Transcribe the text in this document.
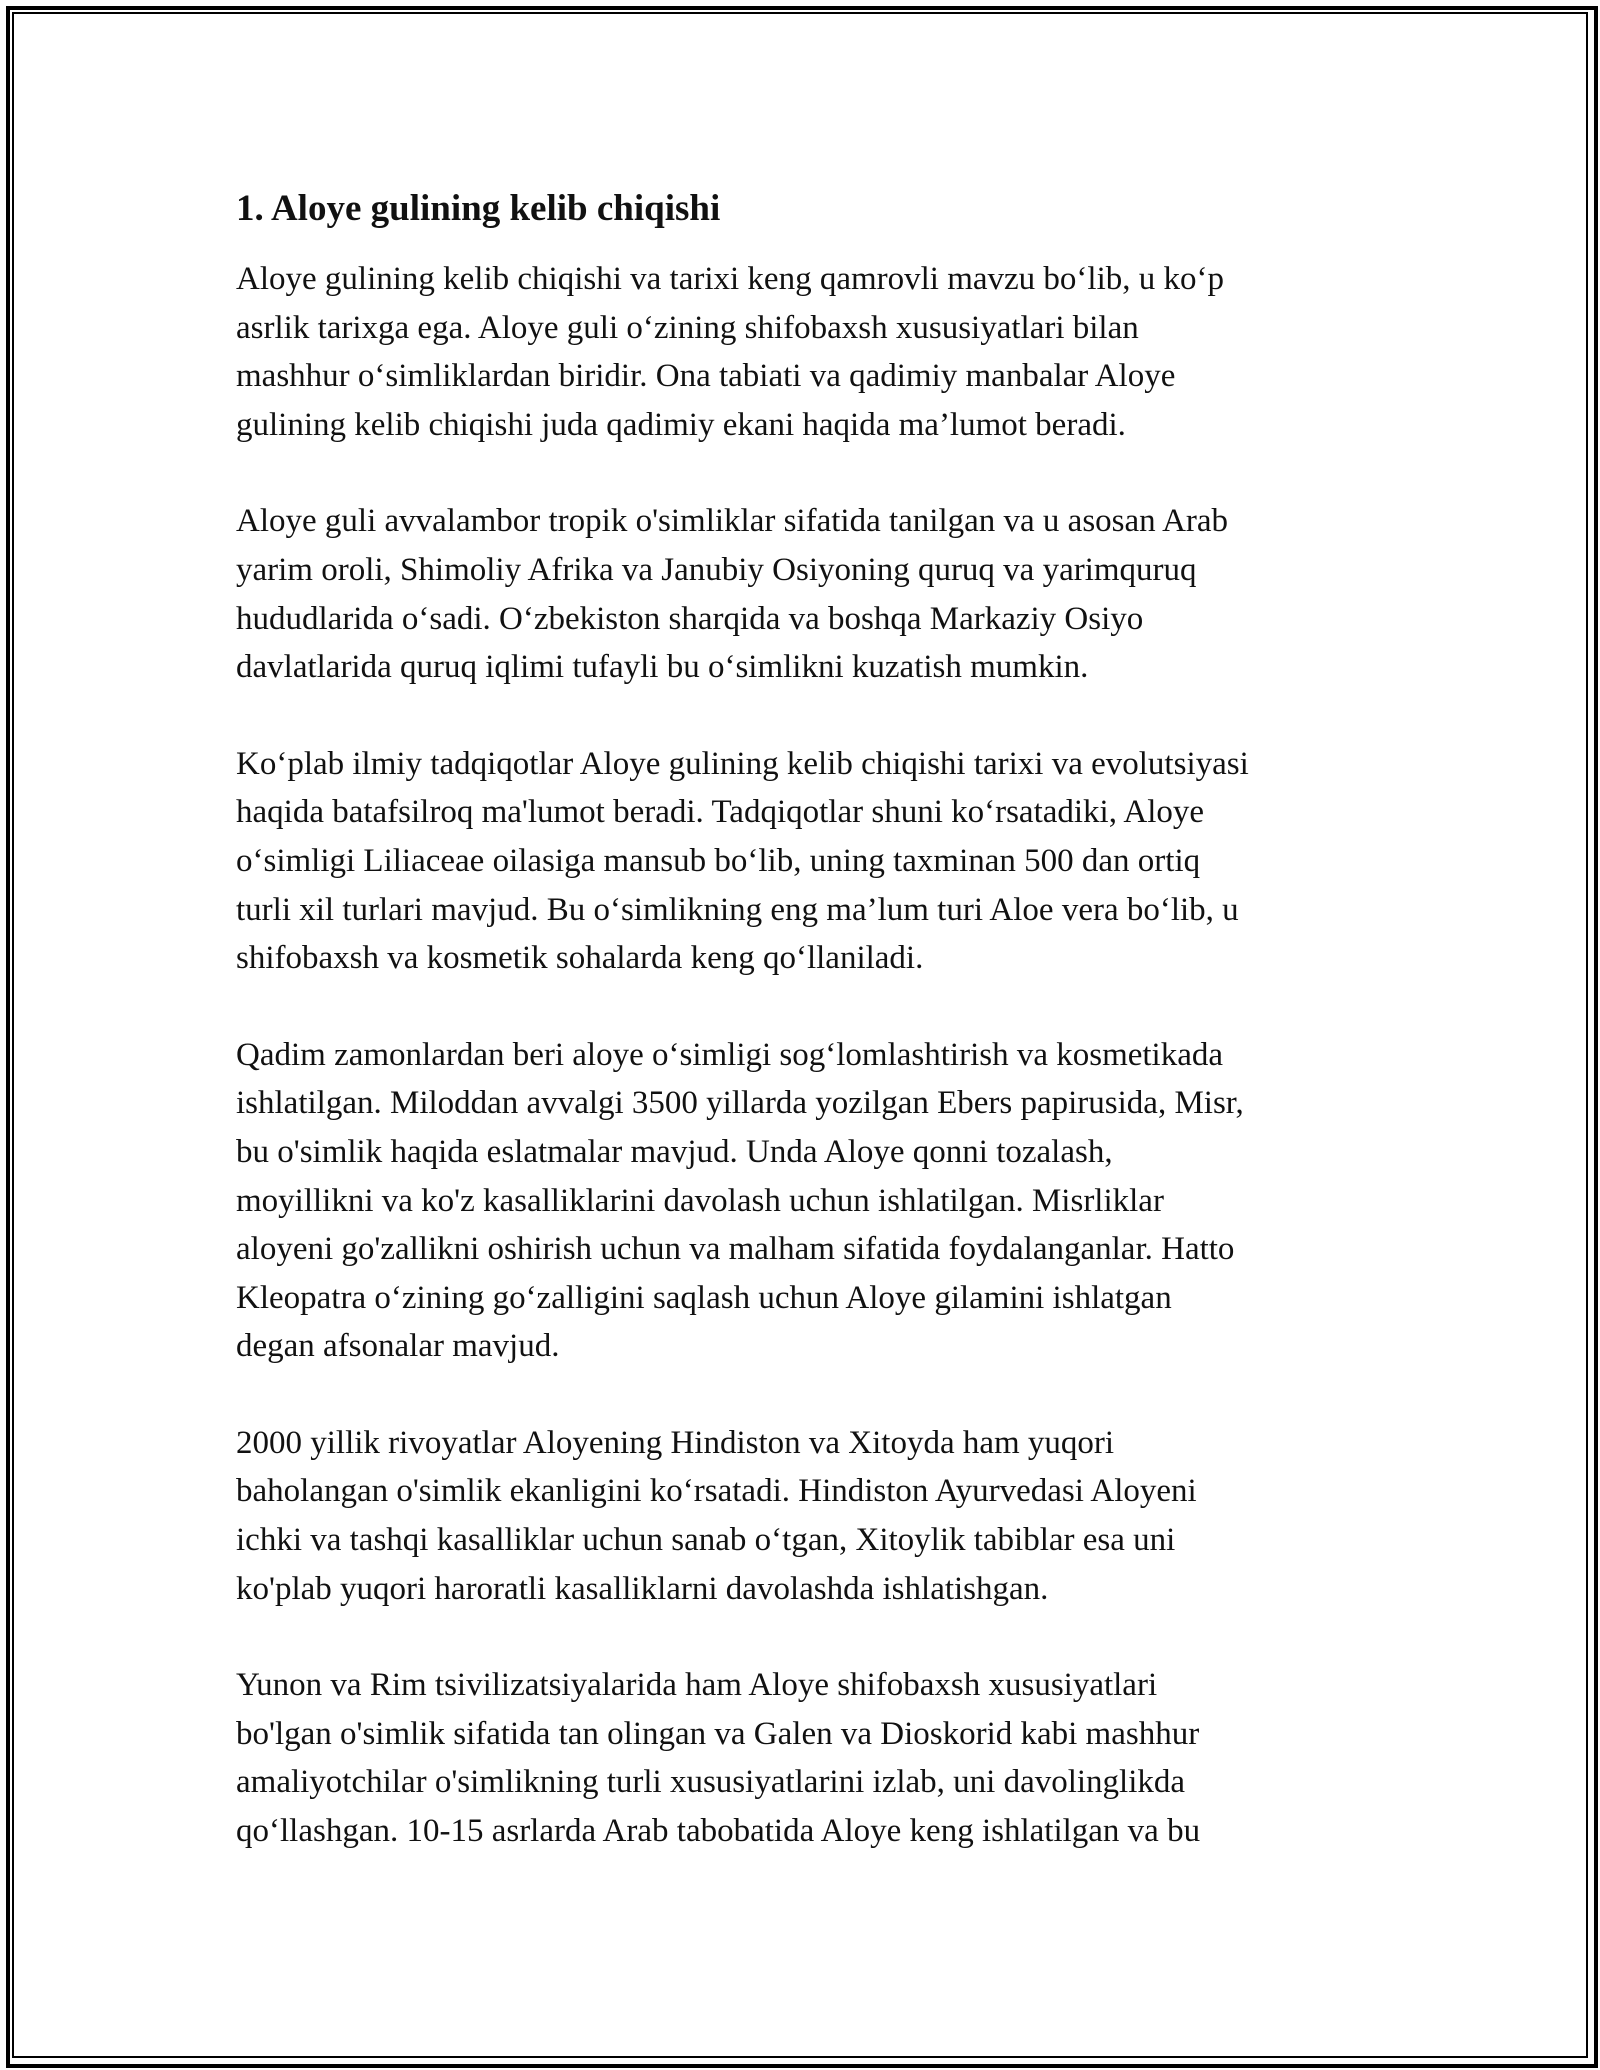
1. Aloye gulining kelib chiqishi

Aloye gulining kelib chiqishi va tarixi keng qamrovli mavzu bo‘lib, u ko‘p
asrlik tarixga ega. Aloye guli o‘zining shifobaxsh xususiyatlari bilan
mashhur o‘simliklardan biridir. Ona tabiati va qadimiy manbalar Aloye
gulining kelib chiqishi juda qadimiy ekani haqida ma’lumot beradi.

Aloye guli avvalambor tropik o'simliklar sifatida tanilgan va u asosan Arab
yarim oroli, Shimoliy Afrika va Janubiy Osiyoning quruq va yarimquruq
hududlarida o‘sadi. O‘zbekiston sharqida va boshqa Markaziy Osiyo
davlatlarida quruq iqlimi tufayli bu o‘simlikni kuzatish mumkin.

Ko‘plab ilmiy tadqiqotlar Aloye gulining kelib chiqishi tarixi va evolutsiyasi
haqida batafsilroq ma'lumot beradi. Tadqiqotlar shuni ko‘rsatadiki, Aloye
o‘simligi Liliaceae oilasiga mansub bo‘lib, uning taxminan 500 dan ortiq
turli xil turlari mavjud. Bu o‘simlikning eng ma’lum turi Aloe vera bo‘lib, u
shifobaxsh va kosmetik sohalarda keng qo‘llaniladi.

Qadim zamonlardan beri aloye o‘simligi sog‘lomlashtirish va kosmetikada
ishlatilgan. Miloddan avvalgi 3500 yillarda yozilgan Ebers papirusida, Misr,
bu o'simlik haqida eslatmalar mavjud. Unda Aloye qonni tozalash,
moyillikni va ko'z kasalliklarini davolash uchun ishlatilgan. Misrliklar
aloyeni go'zallikni oshirish uchun va malham sifatida foydalanganlar. Hatto
Kleopatra o‘zining go‘zalligini saqlash uchun Aloye gilamini ishlatgan
degan afsonalar mavjud.

2000 yillik rivoyatlar Aloyening Hindiston va Xitoyda ham yuqori
baholangan o'simlik ekanligini ko‘rsatadi. Hindiston Ayurvedasi Aloyeni
ichki va tashqi kasalliklar uchun sanab o‘tgan, Xitoylik tabiblar esa uni
ko'plab yuqori haroratli kasalliklarni davolashda ishlatishgan.

Yunon va Rim tsivilizatsiyalarida ham Aloye shifobaxsh xususiyatlari
bo'lgan o'simlik sifatida tan olingan va Galen va Dioskorid kabi mashhur
amaliyotchilar o'simlikning turli xususiyatlarini izlab, uni davolinglikda
qo‘llashgan. 10-15 asrlarda Arab tabobatida Aloye keng ishlatilgan va bu
